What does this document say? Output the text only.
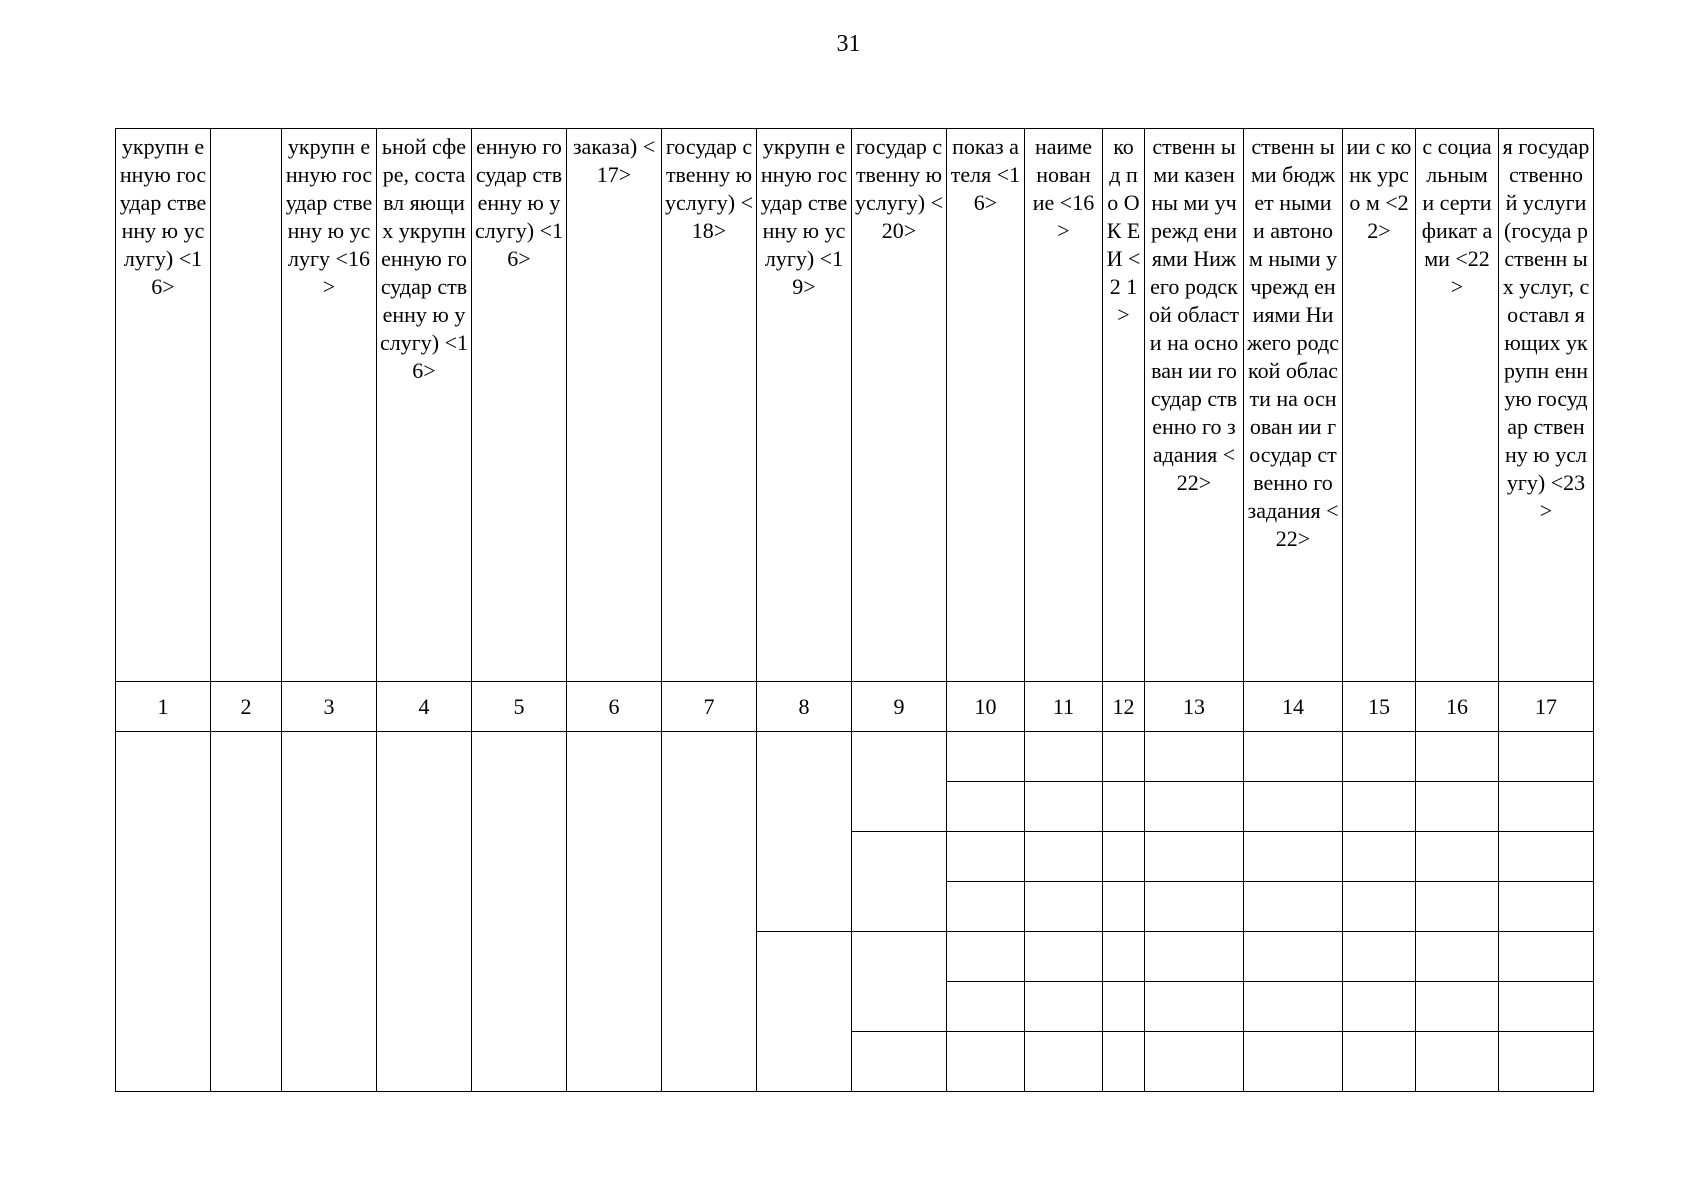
31
укрупн енную государ ственну ю услугу) <16>		укрупн енную государ ственну ю услугу <16>	ьной сфере, составл яющих укрупн енную государ ственну ю услугу) <16>	енную государ ственну ю услугу) <16>	заказа) <17>	государ ственну ю услугу) <18>	укрупн енную государ ственну ю услугу) <19>	государ ственну ю услугу) <20>	показ ателя <16>	наиме нован ие <16>	ко д по О К Е И <2 1>	ственн ыми казенны ми учрежд ениями Нижего родской области на основан ии государ ственно го задания <22>	ственн ыми бюджет ными и автоном ными учрежд ениями Нижего родской области на основан ии государ ственно го задания <22>	ии с конк урсо м <22>	с социа льным и серти фикат ами <22>	я государ ственно й услуги (госуда рственн ых услуг, составл яющих укрупн енную государ ственну ю услугу) <23>

1	2	3	4	5	6	7	8	9	10	11	12	13	14	15	16	17
